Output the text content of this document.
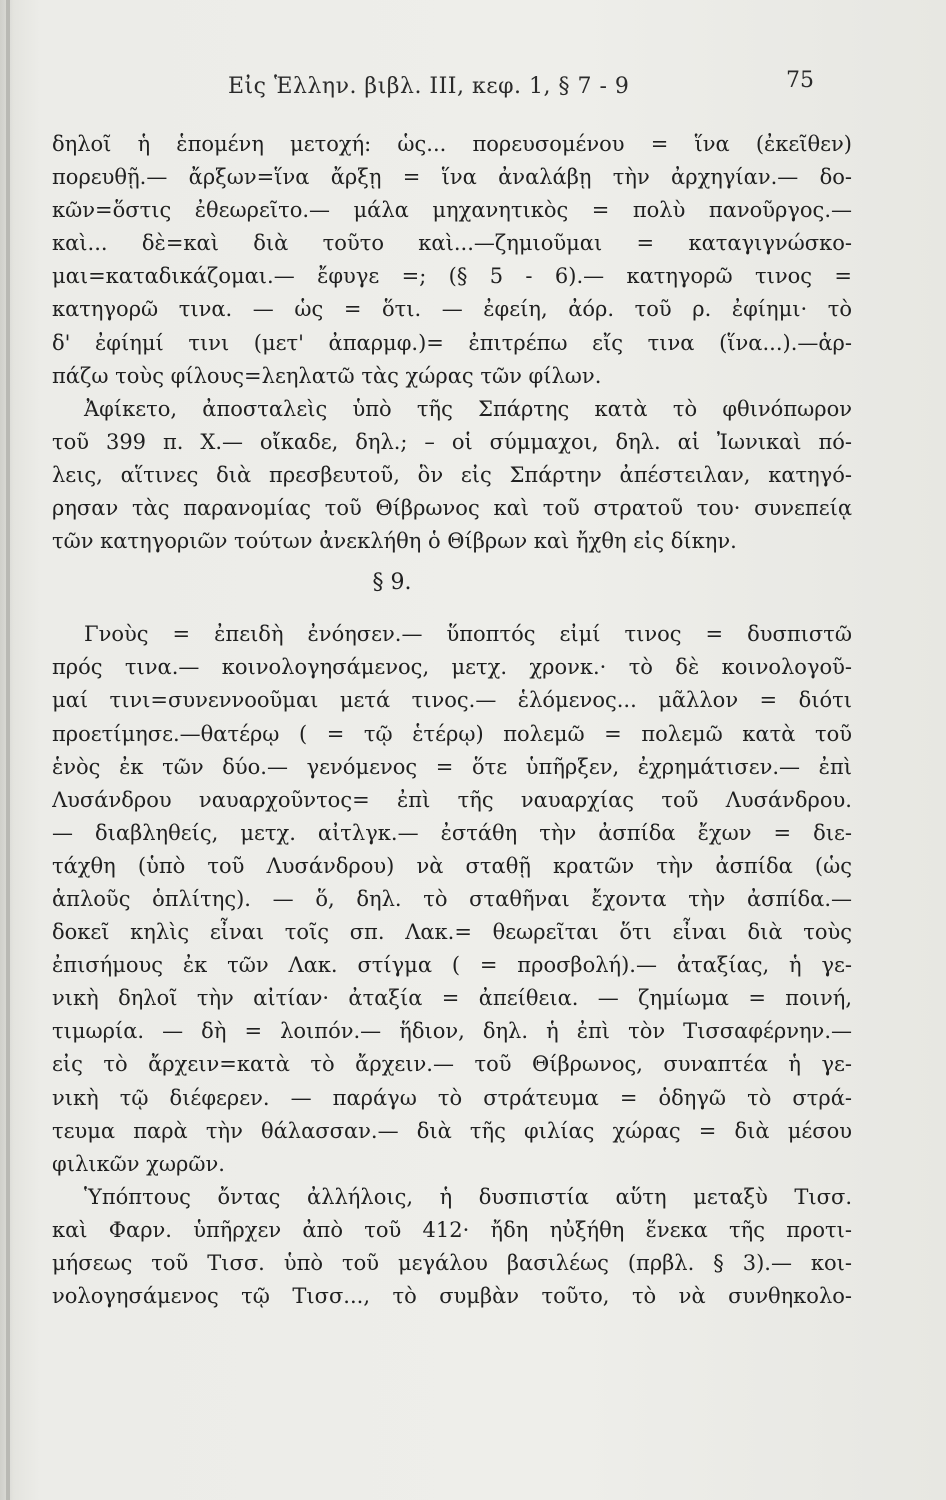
Εἰς Ἑλλην. βιβλ. III, κεφ. 1, § 7 - 9	75
δηλοῖ ἡ ἑπομένη μετοχή: ὡς... πορευσομένου = ἵνα (ἐκεῖθεν)
πορευθῇ.— ἄρξων=ἵνα ἄρξῃ = ἵνα ἀναλάβῃ τὴν ἀρχηγίαν.— δο-
κῶν=ὅστις ἐθεωρεῖτο.— μάλα μηχανητικὸς = πολὺ πανοῦργος.—
καὶ... δὲ=καὶ διὰ τοῦτο καὶ...—ζημιοῦμαι = καταγιγνώσκο-
μαι=καταδικάζομαι.— ἔφυγε =; (§ 5 - 6).— κατηγορῶ τινος =
κατηγορῶ τινα. — ὡς = ὅτι. — ἐφείη, ἀόρ. τοῦ ρ. ἐφίημι· τὸ
δ' ἐφίημί τινι (μετ' ἀπαρμφ.)= ἐπιτρέπω εἴς τινα (ἵνα...).—ἁρ-
πάζω τοὺς φίλους=λεηλατῶ τὰς χώρας τῶν φίλων.
Ἀφίκετο, ἀποσταλεὶς ὑπὸ τῆς Σπάρτης κατὰ τὸ φθινόπωρον
τοῦ 399 π. Χ.— οἴκαδε, δηλ.; – οἱ σύμμαχοι, δηλ. αἱ Ἰωνικαὶ πό-
λεις, αἵτινες διὰ πρεσβευτοῦ, ὃν εἰς Σπάρτην ἀπέστειλαν, κατηγό-
ρησαν τὰς παρανομίας τοῦ Θίβρωνος καὶ τοῦ στρατοῦ του· συνεπείᾳ
τῶν κατηγοριῶν τούτων ἀνεκλήθη ὁ Θίβρων καὶ ἤχθη εἰς δίκην.
§ 9.
Γνοὺς = ἐπειδὴ ἐνόησεν.— ὕποπτός εἰμί τινος = δυσπιστῶ
πρός τινα.— κοινολογησάμενος, μετχ. χρονκ.· τὸ δὲ κοινολογοῦ-
μαί τινι=συνεννοοῦμαι μετά τινος.— ἑλόμενος... μᾶλλον = διότι
προετίμησε.—θατέρῳ ( = τῷ ἑτέρῳ) πολεμῶ = πολεμῶ κατὰ τοῦ
ἑνὸς ἐκ τῶν δύο.— γενόμενος = ὅτε ὑπῆρξεν, ἐχρημάτισεν.— ἐπὶ
Λυσάνδρου ναυαρχοῦντος= ἐπὶ τῆς ναυαρχίας τοῦ Λυσάνδρου.
— διαβληθείς, μετχ. αἰτλγκ.— ἐστάθη τὴν ἀσπίδα ἔχων = διε-
τάχθη (ὑπὸ τοῦ Λυσάνδρου) νὰ σταθῇ κρατῶν τὴν ἀσπίδα (ὡς
ἁπλοῦς ὁπλίτης). — ὅ, δηλ. τὸ σταθῆναι ἔχοντα τὴν ἀσπίδα.—
δοκεῖ κηλὶς εἶναι τοῖς σπ. Λακ.= θεωρεῖται ὅτι εἶναι διὰ τοὺς
ἐπισήμους ἐκ τῶν Λακ. στίγμα ( = προσβολή).— ἀταξίας, ἡ γε-
νικὴ δηλοῖ τὴν αἰτίαν· ἀταξία = ἀπείθεια. — ζημίωμα = ποινή,
τιμωρία. — δὴ = λοιπόν.— ἥδιον, δηλ. ἡ ἐπὶ τὸν Τισσαφέρνην.—
εἰς τὸ ἄρχειν=κατὰ τὸ ἄρχειν.— τοῦ Θίβρωνος, συναπτέα ἡ γε-
νικὴ τῷ διέφερεν. — παράγω τὸ στράτευμα = ὁδηγῶ τὸ στρά-
τευμα παρὰ τὴν θάλασσαν.— διὰ τῆς φιλίας χώρας = διὰ μέσου
φιλικῶν χωρῶν.
Ὑπόπτους ὄντας ἀλλήλοις, ἡ δυσπιστία αὕτη μεταξὺ Τισσ.
καὶ Φαρν. ὑπῆρχεν ἀπὸ τοῦ 412· ἤδη ηὐξήθη ἕνεκα τῆς προτι-
μήσεως τοῦ Τισσ. ὑπὸ τοῦ μεγάλου βασιλέως (πρβλ. § 3).— κοι-
νολογησάμενος τῷ Τισσ..., τὸ συμβὰν τοῦτο, τὸ νὰ συνθηκολο-
